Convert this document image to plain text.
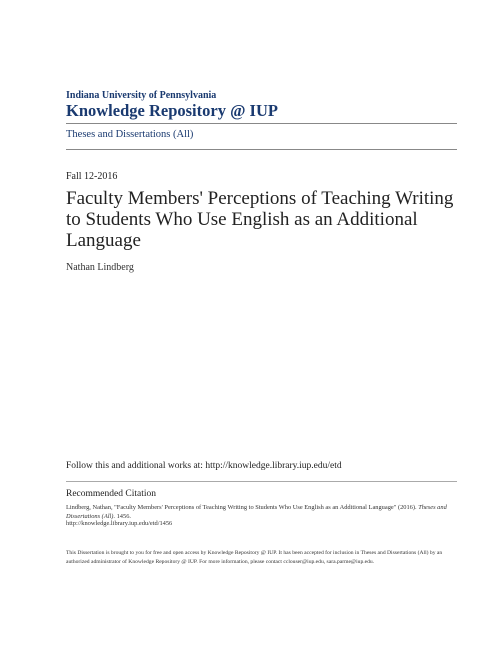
Indiana University of Pennsylvania
Knowledge Repository @ IUP
Theses and Dissertations (All)
Fall 12-2016
Faculty Members' Perceptions of Teaching Writing to Students Who Use English as an Additional Language
Nathan Lindberg
Follow this and additional works at: http://knowledge.library.iup.edu/etd
Recommended Citation
Lindberg, Nathan, "Faculty Members' Perceptions of Teaching Writing to Students Who Use English as an Additional Language" (2016). Theses and Dissertations (All). 1456.
http://knowledge.library.iup.edu/etd/1456
This Dissertation is brought to you for free and open access by Knowledge Repository @ IUP. It has been accepted for inclusion in Theses and Dissertations (All) by an authorized administrator of Knowledge Repository @ IUP. For more information, please contact cclouser@iup.edu, sara.parme@iup.edu.
